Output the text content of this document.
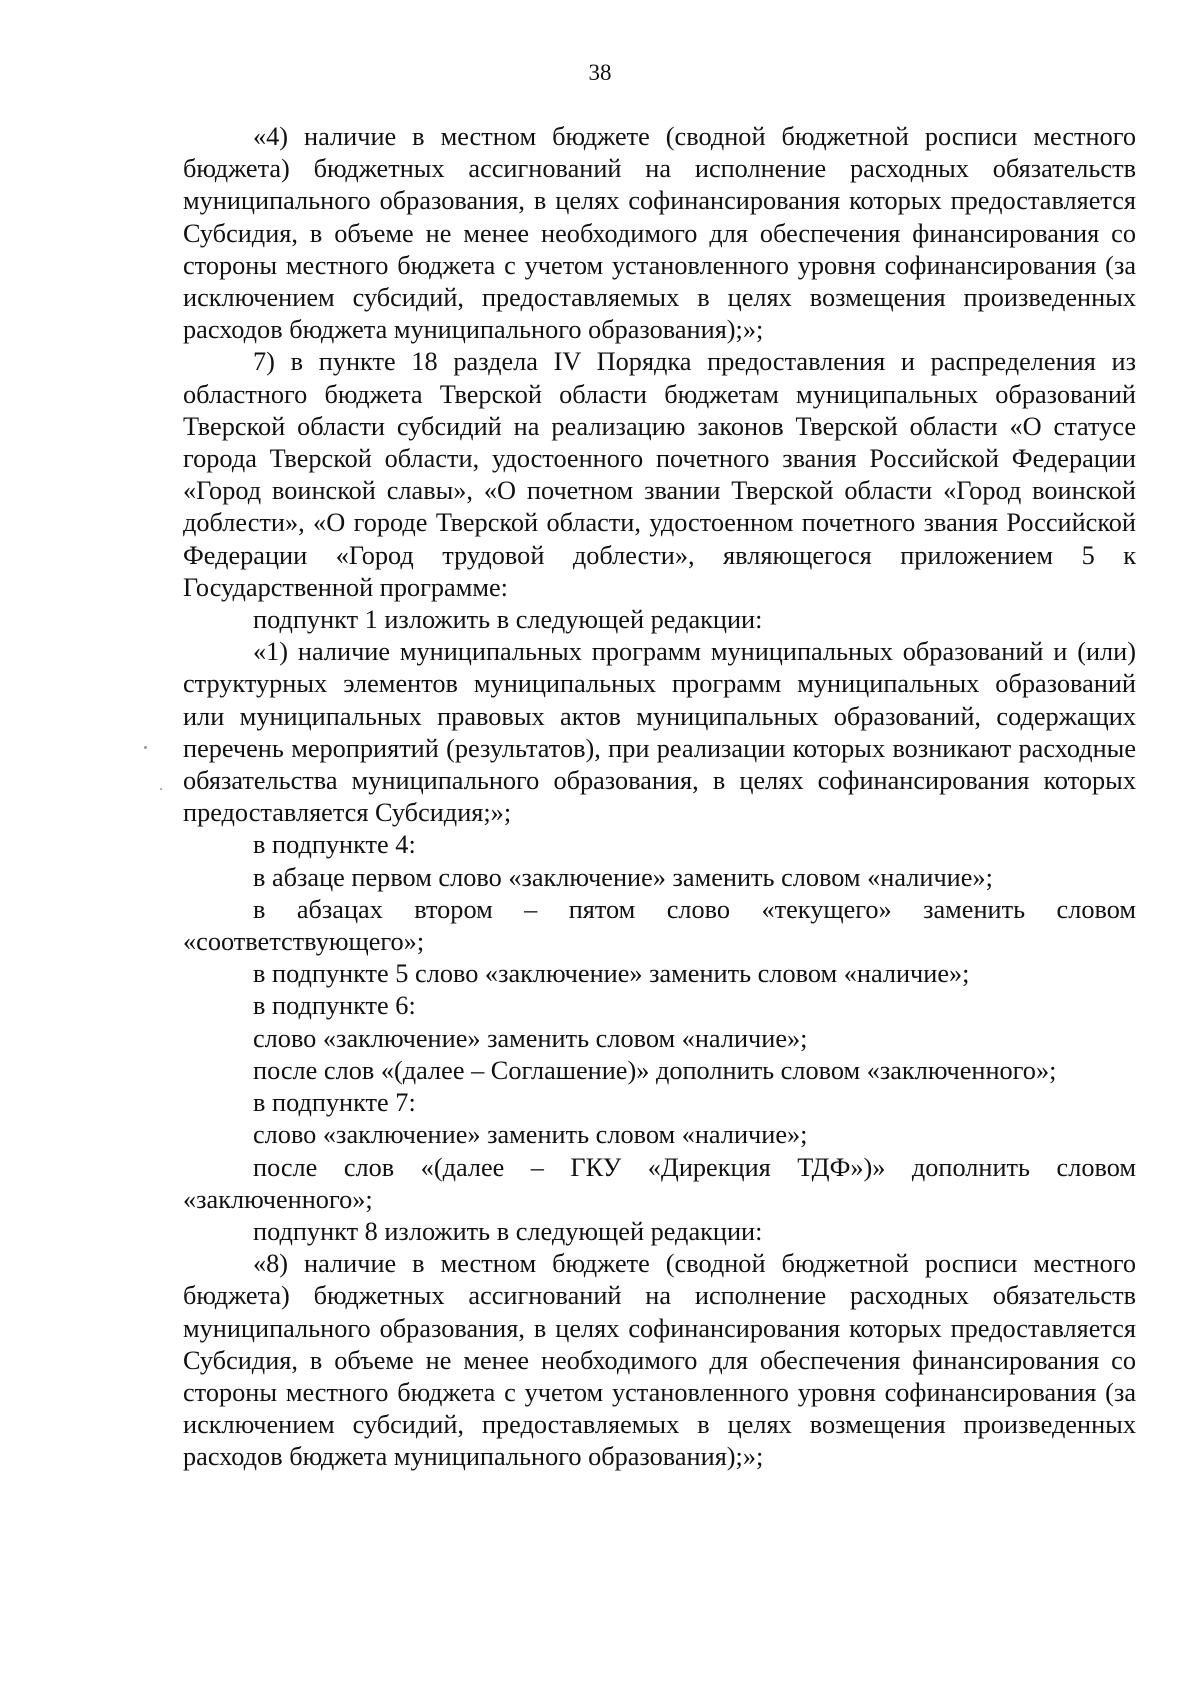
38

«4) наличие в местном бюджете (сводной бюджетной росписи местного бюджета) бюджетных ассигнований на исполнение расходных обязательств муниципального образования, в целях софинансирования которых предоставляется Субсидия, в объеме не менее необходимого для обеспечения финансирования со стороны местного бюджета с учетом установленного уровня софинансирования (за исключением субсидий, предоставляемых в целях возмещения произведенных расходов бюджета муниципального образования);»;

7) в пункте 18 раздела IV Порядка предоставления и распределения из областного бюджета Тверской области бюджетам муниципальных образований Тверской области субсидий на реализацию законов Тверской области «О статусе города Тверской области, удостоенного почетного звания Российской Федерации «Город воинской славы», «О почетном звании Тверской области «Город воинской доблести», «О городе Тверской области, удостоенном почетного звания Российской Федерации «Город трудовой доблести», являющегося приложением 5 к Государственной программе:

подпункт 1 изложить в следующей редакции:

«1) наличие муниципальных программ муниципальных образований и (или) структурных элементов муниципальных программ муниципальных образований или муниципальных правовых актов муниципальных образований, содержащих перечень мероприятий (результатов), при реализации которых возникают расходные обязательства муниципального образования, в целях софинансирования которых предоставляется Субсидия;»;

в подпункте 4:

в абзаце первом слово «заключение» заменить словом «наличие»;

в абзацах втором – пятом слово «текущего» заменить словом «соответствующего»;

в подпункте 5 слово «заключение» заменить словом «наличие»;

в подпункте 6:

слово «заключение» заменить словом «наличие»;

после слов «(далее – Соглашение)» дополнить словом «заключенного»;

в подпункте 7:

слово «заключение» заменить словом «наличие»;

после слов «(далее – ГКУ «Дирекция ТДФ»)» дополнить словом «заключенного»;

подпункт 8 изложить в следующей редакции:

«8) наличие в местном бюджете (сводной бюджетной росписи местного бюджета) бюджетных ассигнований на исполнение расходных обязательств муниципального образования, в целях софинансирования которых предоставляется Субсидия, в объеме не менее необходимого для обеспечения финансирования со стороны местного бюджета с учетом установленного уровня софинансирования (за исключением субсидий, предоставляемых в целях возмещения произведенных расходов бюджета муниципального образования);»;
